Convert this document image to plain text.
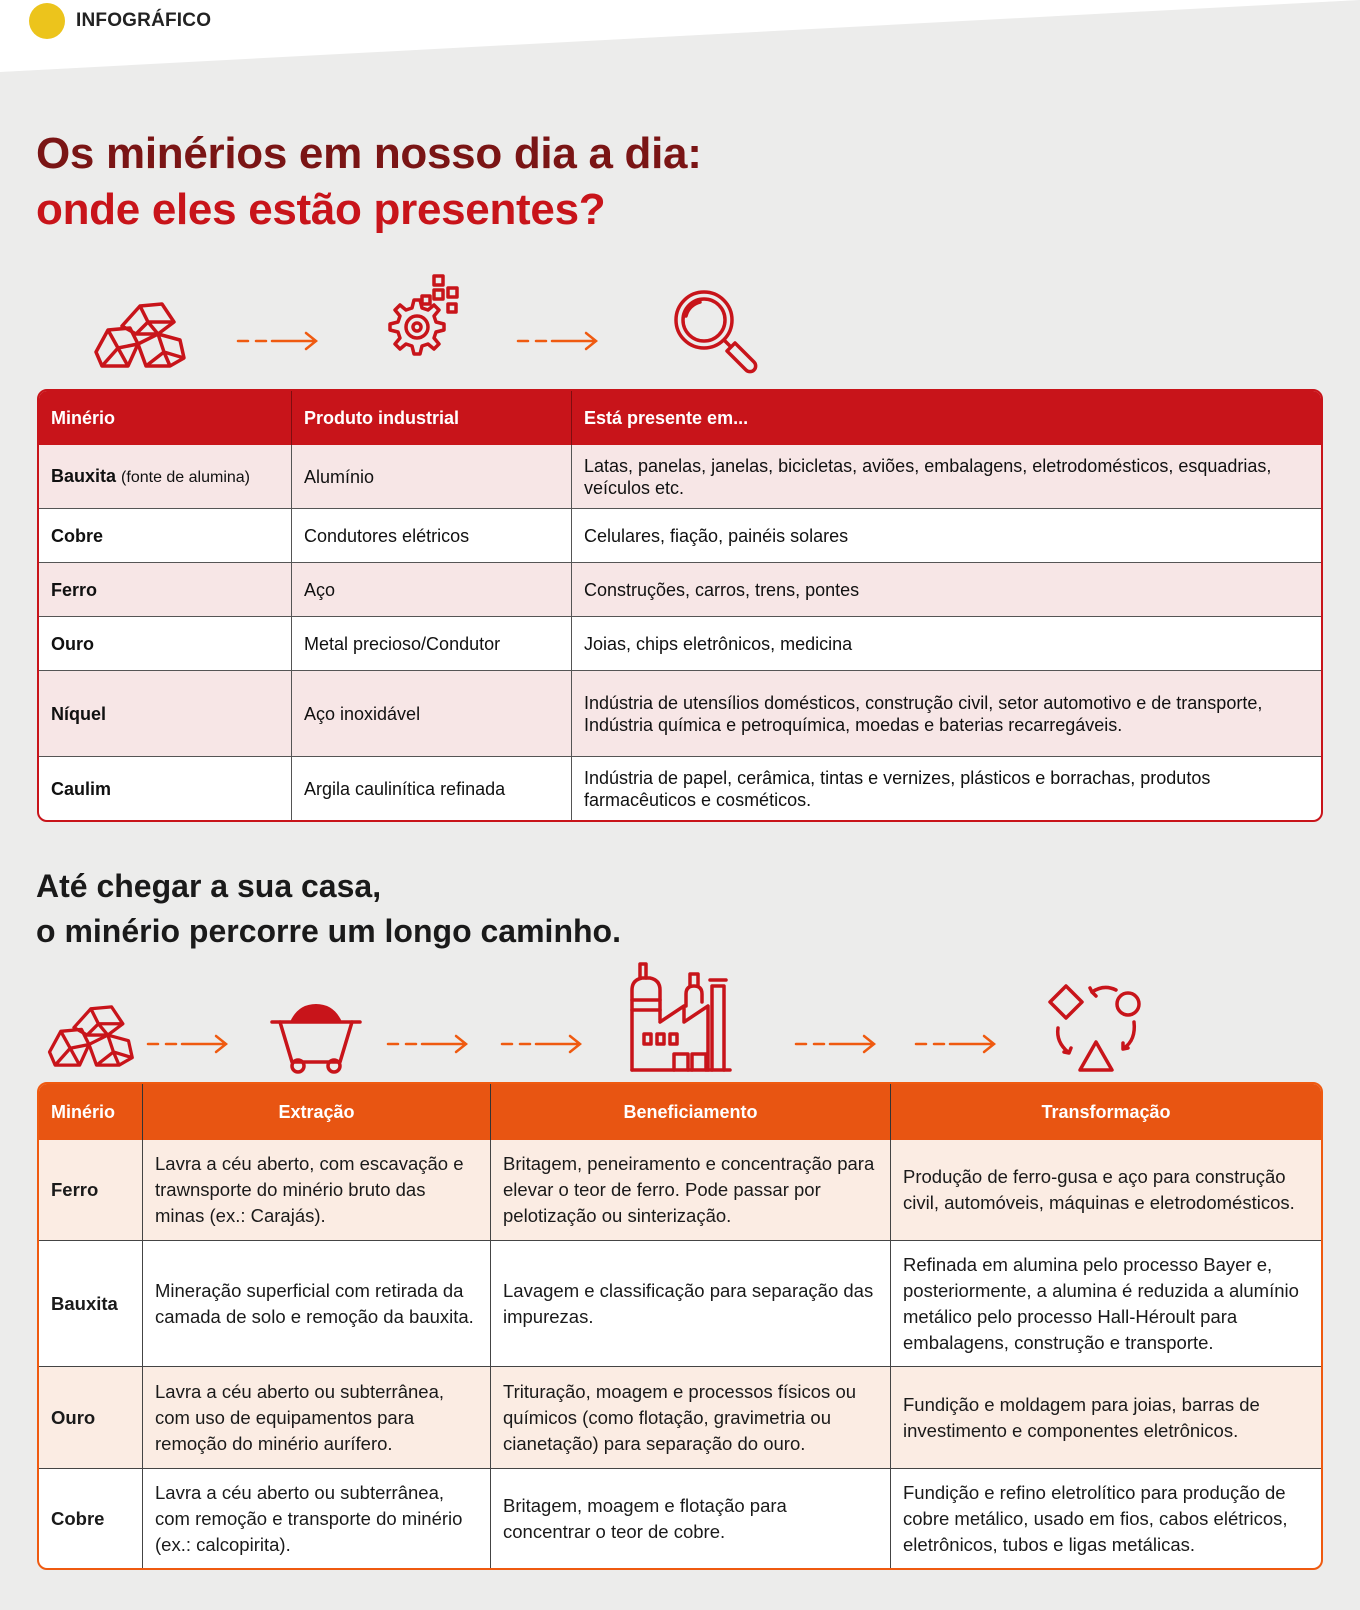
INFOGRÁFICO
Os minérios em nosso dia a dia:
onde eles estão presentes?
Minério	Produto industrial	Está presente em...
Bauxita (fonte de alumina)	Alumínio	Latas, panelas, janelas, bicicletas, aviões, embalagens, eletrodomésticos, esquadrias, veículos etc.
Cobre	Condutores elétricos	Celulares, fiação, painéis solares
Ferro	Aço	Construções, carros, trens, pontes
Ouro	Metal precioso/Condutor	Joias, chips eletrônicos, medicina
Níquel	Aço inoxidável	Indústria de utensílios domésticos, construção civil, setor automotivo e de transporte, Indústria química e petroquímica, moedas e baterias recarregáveis.
Caulim	Argila caulinítica refinada	Indústria de papel, cerâmica, tintas e vernizes, plásticos e borrachas, produtos farmacêuticos e cosméticos.
Até chegar a sua casa,
o minério percorre um longo caminho.
Minério	Extração	Beneficiamento	Transformação
Ferro	Lavra a céu aberto, com escavação e trawnsporte do minério bruto das minas (ex.: Carajás).	Britagem, peneiramento e concentração para elevar o teor de ferro. Pode passar por pelotização ou sinterização.	Produção de ferro-gusa e aço para construção civil, automóveis, máquinas e eletrodomésticos.
Bauxita	Mineração superficial com retirada da camada de solo e remoção da bauxita.	Lavagem e classificação para separação das impurezas.	Refinada em alumina pelo processo Bayer e, posteriormente, a alumina é reduzida a alumínio metálico pelo processo Hall-Héroult para embalagens, construção e transporte.
Ouro	Lavra a céu aberto ou subterrânea, com uso de equipamentos para remoção do minério aurífero.	Trituração, moagem e processos físicos ou químicos (como flotação, gravimetria ou cianetação) para separação do ouro.	Fundição e moldagem para joias, barras de investimento e componentes eletrônicos.
Cobre	Lavra a céu aberto ou subterrânea, com remoção e transporte do minério (ex.: calcopirita).	Britagem, moagem e flotação para concentrar o teor de cobre.	Fundição e refino eletrolítico para produção de cobre metálico, usado em fios, cabos elétricos, eletrônicos, tubos e ligas metálicas.
